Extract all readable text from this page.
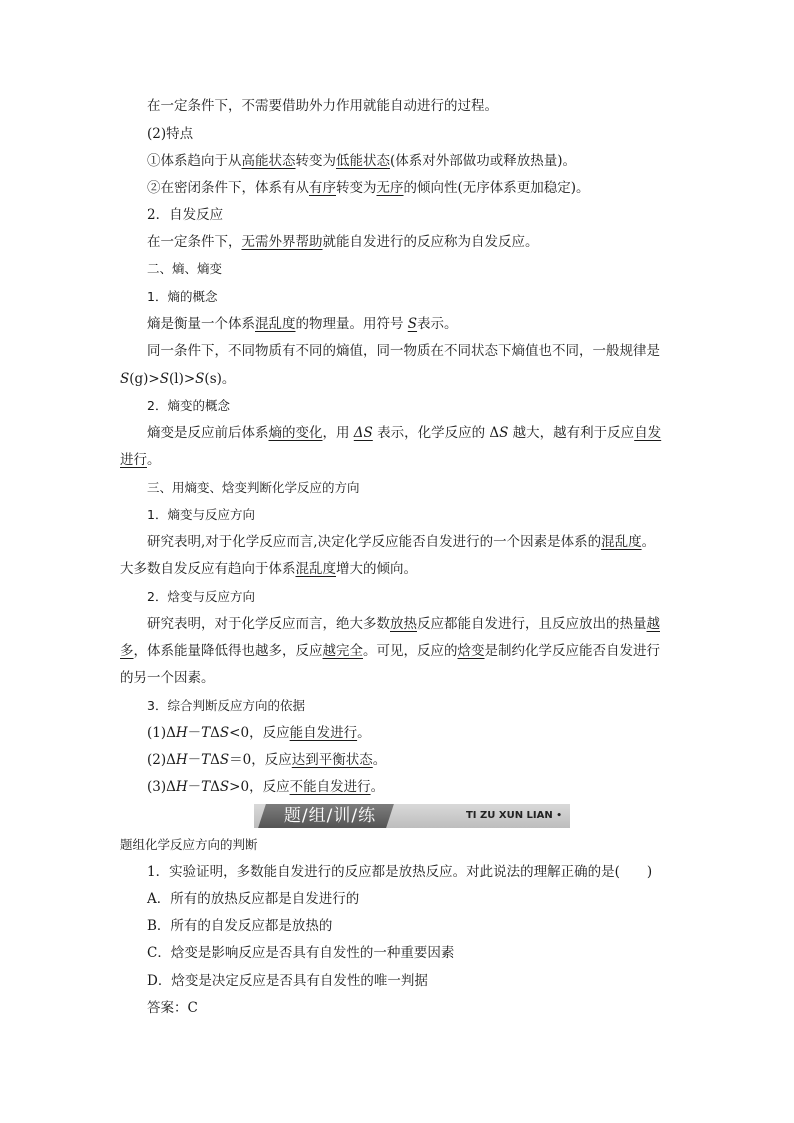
在一定条件下，不需要借助外力作用就能自动进行的过程。
(2)特点
①体系趋向于从高能状态转变为低能状态(体系对外部做功或释放热量)。
②在密闭条件下，体系有从有序转变为无序的倾向性(无序体系更加稳定)。
2．自发反应
在一定条件下，无需外界帮助就能自发进行的反应称为自发反应。
二、熵、熵变
1．熵的概念
熵是衡量一个体系混乱度的物理量。用符号 S表示。
同一条件下，不同物质有不同的熵值，同一物质在不同状态下熵值也不同，一般规律是
S(g)>S(l)>S(s)。
2．熵变的概念
熵变是反应前后体系熵的变化，用 ΔS 表示，化学反应的 ΔS 越大，越有利于反应自发
进行。
三、用熵变、焓变判断化学反应的方向
1．熵变与反应方向
研究表明,对于化学反应而言,决定化学反应能否自发进行的一个因素是体系的混乱度。
大多数自发反应有趋向于体系混乱度增大的倾向。
2．焓变与反应方向
研究表明，对于化学反应而言，绝大多数放热反应都能自发进行，且反应放出的热量越
多，体系能量降低得也越多，反应越完全。可见，反应的焓变是制约化学反应能否自发进行
的另一个因素。
3．综合判断反应方向的依据
(1)ΔH－TΔS<0，反应能自发进行。
(2)ΔH－TΔS＝0，反应达到平衡状态。
(3)ΔH－TΔS>0，反应不能自发进行。
题/组/训/练	TI ZU XUN LIAN •
题组化学反应方向的判断
1．实验证明，多数能自发进行的反应都是放热反应。对此说法的理解正确的是(　　)
A．所有的放热反应都是自发进行的
B．所有的自发反应都是放热的
C．焓变是影响反应是否具有自发性的一种重要因素
D．焓变是决定反应是否具有自发性的唯一判据
答案：C
